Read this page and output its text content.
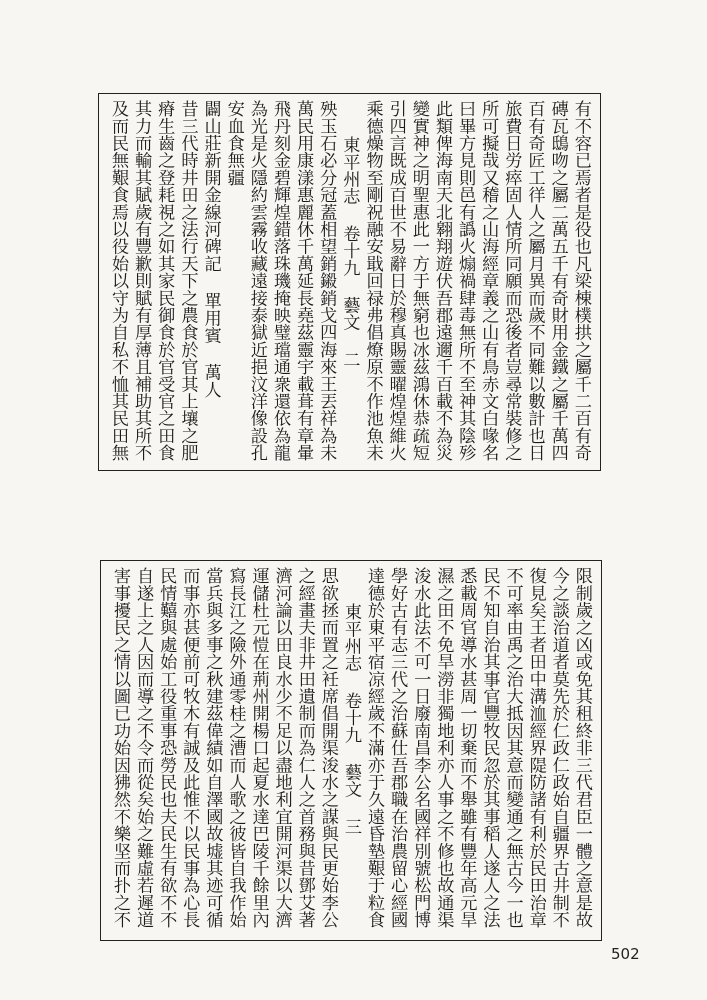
有不容已焉者是役也凡梁棟樸拱之屬千二百有奇
磚瓦鴟吻之屬二萬五千有奇財用金鐵之屬千萬四
百有奇匠工徉人之屬月異而歲不同難以數計也日
旅費日労瘁固人情所同願而恐後者豈尋常裝修之
所可擬哉又稽之山海經章義之山有鳥赤文白喙名
曰畢方見則邑有譌火煽禍肆毒無所不至神其陰殄
此類俾海南天北翱翔遊伏吾郡遠邇千百載不為災
變實神之明聖惠此一方于無窮也冰茲鴻休恭疏短
引四言既成百世不易辭日於穆真賜靈曜煌煌維火
乘德燥物至剛祝融安戢回禄弗倡燎原不作池魚未
東平州志 卷十九 藝文 二
殃玉石必分冠蓋相望銷鎩銷戈四海來王丟祥為未
萬民用康漾惠麗休千萬延長堯茲靈宇載葺有章暈
飛丹刻金碧輝煌錯落珠璣掩映璧璫通衆還依為龍
為光是火隱約雲霧收藏遠接泰獄近挹汶洋像設孔
安血食無疆
闢山莊新開金線河碑記 單用賓 萬人
昔三代時井田之法行天下之農食於官其上壤之肥
瘠生齒之登耗視之如其家民御食於官受官之田食
其力而輸其賦歲有豐歉則賦有厚薄且補助其所不
及而民無艱食焉以役始以守为自私不恤其民田無
限制歲之凶或免其租終非三代君臣一體之意是故
今之談治道者莫先於仁政仁政始自疆界古井制不
復見矣王者田中溝洫經界隄防諸有利於民田治章
不可率由禹之治大抵因其意而變通之無古今一也
民不知自治其事官豐牧民忽於其事稻人遂人之法
悉載周官導水甚周一切棄而不舉雖有豐年高元旱
濕之田不免旱澇非獨地利亦人事之不修也故通渠
浚水此法不可一日廢南昌李公名國祥別號松門博
學好古有志三代之治蘇仕吾郡職在治農留心經國
達德於東平宿凉經歲不滿亦于久遠昏墊艱于粒食
東平州志 卷十九 藝文 三
思欲拯而置之衽席倡開渠浚水之謀與民更始李公
之經畫夫非井田遺制而為仁人之首務與昔鄧艾著
濟河論以田良水少不足以盡地利宜開河渠以大濟
運儲杜元愷在荊州開楊口起夏水達巴陵千餘里內
寫長江之險外通零桂之漕而人歌之彼皆自我作始
當兵與多事之秋建茲偉績如自澤國故墟其迹可循
而事亦甚便前可牧木有誠及此惟不以民事為心長
民情囏與處始工役重事恐勞民也夫民生有欲不不
自遂上之人因而導之不令而從矣始之難虛若遲道
害事擾民之情以圖已功始因狒然不樂坚而扑之不
502
